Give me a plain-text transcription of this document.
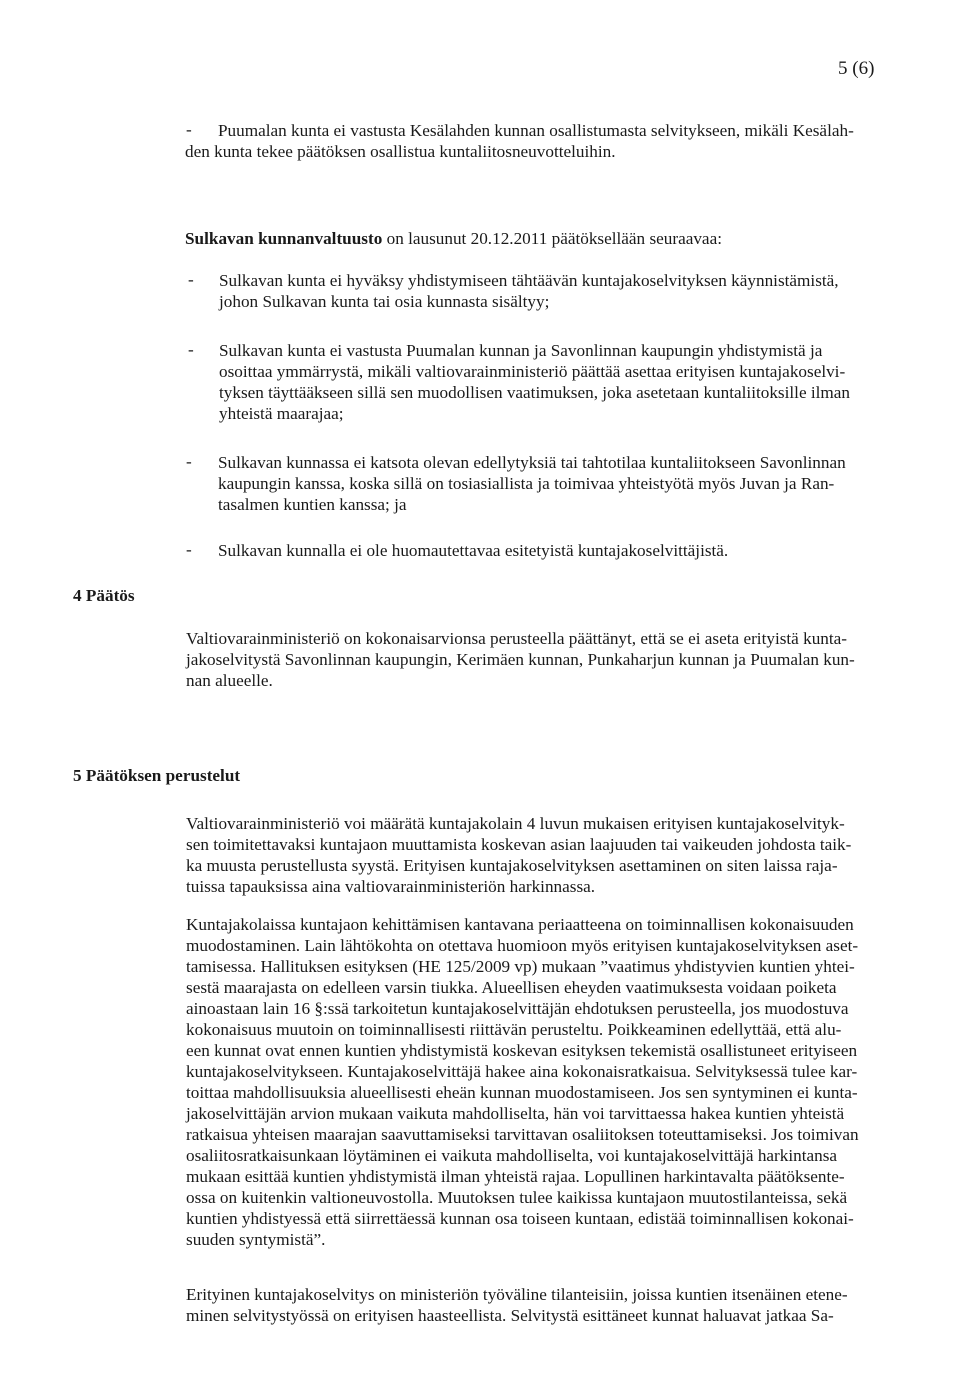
5 (6)
- Puumalan kunta ei vastusta Kesälahden kunnan osallistumasta selvitykseen, mikäli Kesälah-
den kunta tekee päätöksen osallistua kuntaliitosneuvotteluihin.
Sulkavan kunnanvaltuusto on lausunut 20.12.2011 päätöksellään seuraavaa:
- Sulkavan kunta ei hyväksy yhdistymiseen tähtäävän kuntajakoselvityksen käynnistämistä,
johon Sulkavan kunta tai osia kunnasta sisältyy;
- Sulkavan kunta ei vastusta Puumalan kunnan ja Savonlinnan kaupungin yhdistymistä ja
osoittaa ymmärrystä, mikäli valtiovarainministeriö päättää asettaa erityisen kuntajakoselvi-
tyksen täyttääkseen sillä sen muodollisen vaatimuksen, joka asetetaan kuntaliitoksille ilman
yhteistä maarajaa;
- Sulkavan kunnassa ei katsota olevan edellytyksiä tai tahtotilaa kuntaliitokseen Savonlinnan
kaupungin kanssa, koska sillä on tosiasiallista ja toimivaa yhteistyötä myös Juvan ja Ran-
tasalmen kuntien kanssa; ja
- Sulkavan kunnalla ei ole huomautettavaa esitetyistä kuntajakoselvittäjistä.
4 Päätös
Valtiovarainministeriö on kokonaisarvionsa perusteella päättänyt, että se ei aseta erityistä kunta-
jakoselvitystä Savonlinnan kaupungin, Kerimäen kunnan, Punkaharjun kunnan ja Puumalan kun-
nan alueelle.
5 Päätöksen perustelut
Valtiovarainministeriö voi määrätä kuntajakolain 4 luvun mukaisen erityisen kuntajakoselvityk-
sen toimitettavaksi kuntajaon muuttamista koskevan asian laajuuden tai vaikeuden johdosta taik-
ka muusta perustellusta syystä. Erityisen kuntajakoselvityksen asettaminen on siten laissa raja-
tuissa tapauksissa aina valtiovarainministeriön harkinnassa.
Kuntajakolaissa kuntajaon kehittämisen kantavana periaatteena on toiminnallisen kokonaisuuden
muodostaminen. Lain lähtökohta on otettava huomioon myös erityisen kuntajakoselvityksen aset-
tamisessa. Hallituksen esityksen (HE 125/2009 vp) mukaan ”vaatimus yhdistyvien kuntien yhtei-
sestä maarajasta on edelleen varsin tiukka. Alueellisen eheyden vaatimuksesta voidaan poiketa
ainoastaan lain 16 §:ssä tarkoitetun kuntajakoselvittäjän ehdotuksen perusteella, jos muodostuva
kokonaisuus muutoin on toiminnallisesti riittävän perusteltu. Poikkeaminen edellyttää, että alu-
een kunnat ovat ennen kuntien yhdistymistä koskevan esityksen tekemistä osallistuneet erityiseen
kuntajakoselvitykseen. Kuntajakoselvittäjä hakee aina kokonaisratkaisua. Selvityksessä tulee kar-
toittaa mahdollisuuksia alueellisesti eheän kunnan muodostamiseen. Jos sen syntyminen ei kunta-
jakoselvittäjän arvion mukaan vaikuta mahdolliselta, hän voi tarvittaessa hakea kuntien yhteistä
ratkaisua yhteisen maarajan saavuttamiseksi tarvittavan osaliitoksen toteuttamiseksi. Jos toimivan
osaliitosratkaisunkaan löytäminen ei vaikuta mahdolliselta, voi kuntajakoselvittäjä harkintansa
mukaan esittää kuntien yhdistymistä ilman yhteistä rajaa. Lopullinen harkintavalta päätöksente-
ossa on kuitenkin valtioneuvostolla. Muutoksen tulee kaikissa kuntajaon muutostilanteissa, sekä
kuntien yhdistyessä että siirrettäessä kunnan osa toiseen kuntaan, edistää toiminnallisen kokonai-
suuden syntymistä”.
Erityinen kuntajakoselvitys on ministeriön työväline tilanteisiin, joissa kuntien itsenäinen etene-
minen selvitystyössä on erityisen haasteellista. Selvitystä esittäneet kunnat haluavat jatkaa Sa-
